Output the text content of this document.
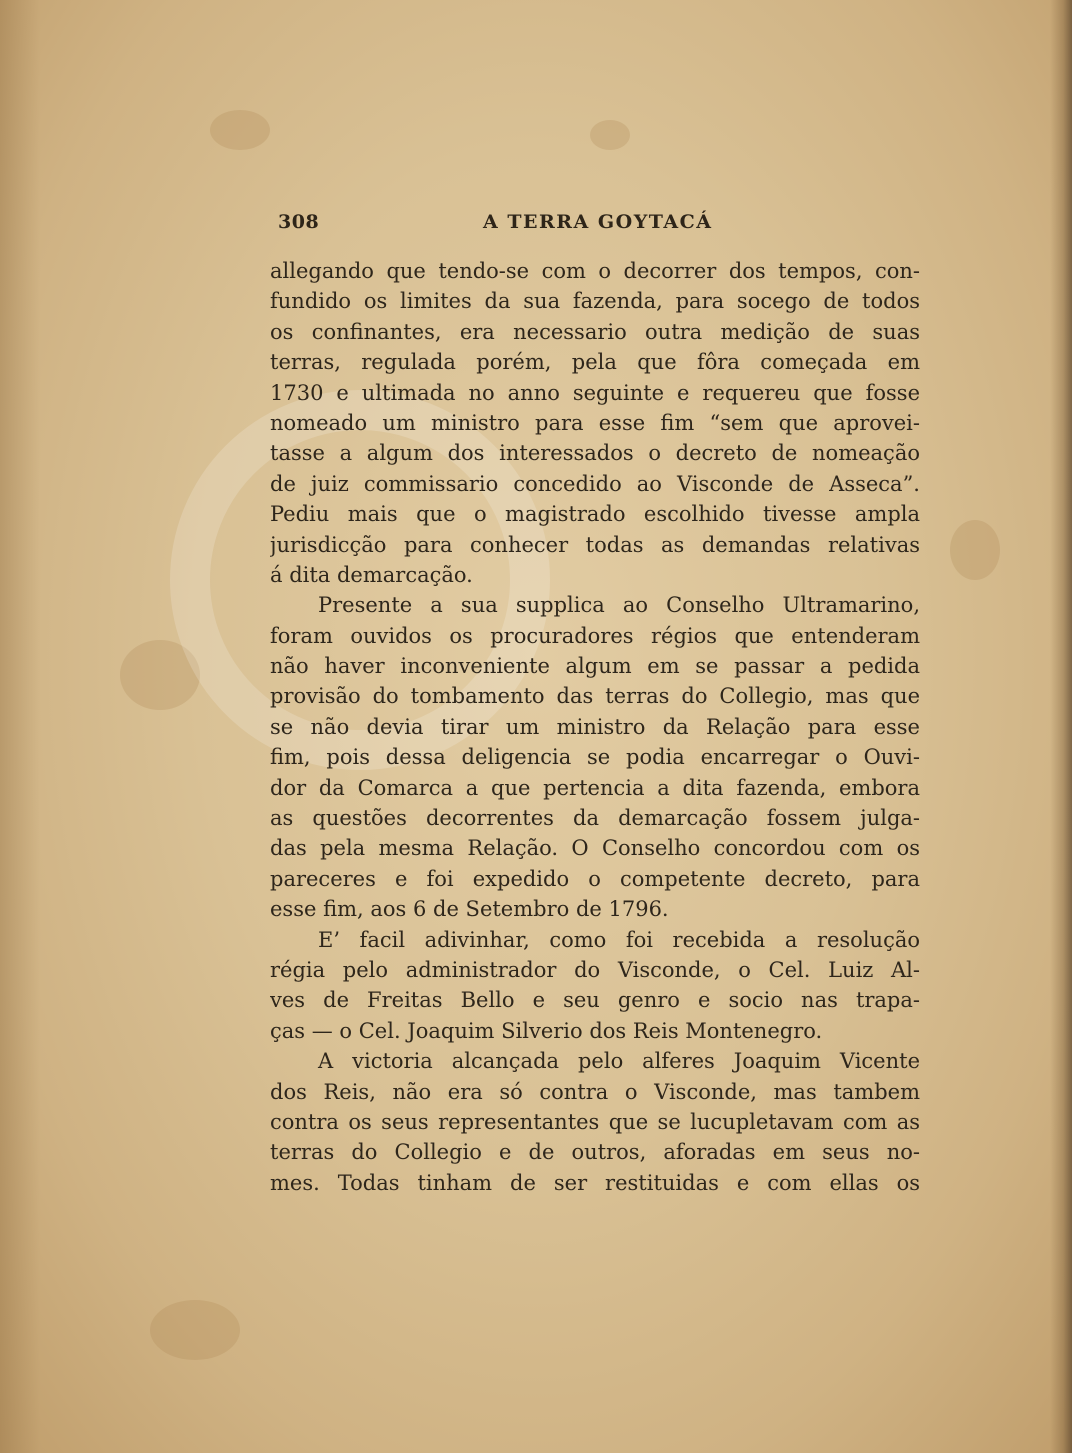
308	A TERRA GOYTACÁ
allegando que tendo-se com o decorrer dos tempos, con-
fundido os limites da sua fazenda, para socego de todos
os confinantes, era necessario outra medição de suas
terras, regulada porém, pela que fôra começada em
1730 e ultimada no anno seguinte e requereu que fosse
nomeado um ministro para esse fim “sem que aprovei-
tasse a algum dos interessados o decreto de nomeação
de juiz commissario concedido ao Visconde de Asseca”.
Pediu mais que o magistrado escolhido tivesse ampla
jurisdicção para conhecer todas as demandas relativas
á dita demarcação.
Presente a sua supplica ao Conselho Ultramarino,
foram ouvidos os procuradores régios que entenderam
não haver inconveniente algum em se passar a pedida
provisão do tombamento das terras do Collegio, mas que
se não devia tirar um ministro da Relação para esse
fim, pois dessa deligencia se podia encarregar o Ouvi-
dor da Comarca a que pertencia a dita fazenda, embora
as questões decorrentes da demarcação fossem julga-
das pela mesma Relação. O Conselho concordou com os
pareceres e foi expedido o competente decreto, para
esse fim, aos 6 de Setembro de 1796.
E’ facil adivinhar, como foi recebida a resolução
régia pelo administrador do Visconde, o Cel. Luiz Al-
ves de Freitas Bello e seu genro e socio nas trapa-
ças — o Cel. Joaquim Silverio dos Reis Montenegro.
A victoria alcançada pelo alferes Joaquim Vicente
dos Reis, não era só contra o Visconde, mas tambem
contra os seus representantes que se lucupletavam com as
terras do Collegio e de outros, aforadas em seus no-
mes. Todas tinham de ser restituidas e com ellas os
